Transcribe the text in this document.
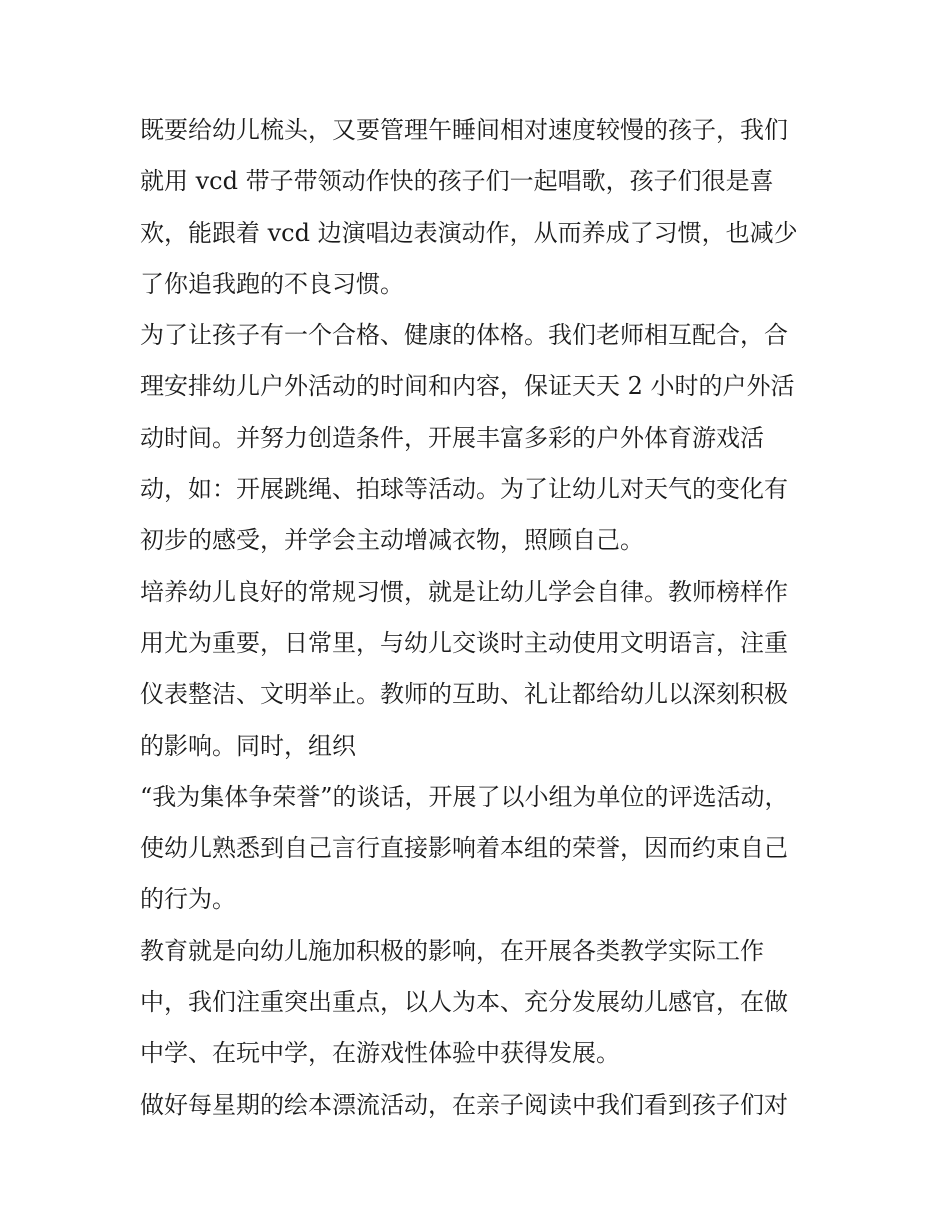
既要给幼儿梳头，又要管理午睡间相对速度较慢的孩子，我们
就用 vcd 带子带领动作快的孩子们一起唱歌，孩子们很是喜
欢，能跟着 vcd 边演唱边表演动作，从而养成了习惯，也减少
了你追我跑的不良习惯。
为了让孩子有一个合格、健康的体格。我们老师相互配合，合
理安排幼儿户外活动的时间和内容，保证天天 2 小时的户外活
动时间。并努力创造条件，开展丰富多彩的户外体育游戏活
动，如：开展跳绳、拍球等活动。为了让幼儿对天气的变化有
初步的感受，并学会主动增减衣物，照顾自己。
培养幼儿良好的常规习惯，就是让幼儿学会自律。教师榜样作
用尤为重要，日常里，与幼儿交谈时主动使用文明语言，注重
仪表整洁、文明举止。教师的互助、礼让都给幼儿以深刻积极
的影响。同时，组织
“我为集体争荣誉”的谈话，开展了以小组为单位的评选活动，
使幼儿熟悉到自己言行直接影响着本组的荣誉，因而约束自己
的行为。
教育就是向幼儿施加积极的影响，在开展各类教学实际工作
中，我们注重突出重点，以人为本、充分发展幼儿感官，在做
中学、在玩中学，在游戏性体验中获得发展。
做好每星期的绘本漂流活动，在亲子阅读中我们看到孩子们对
